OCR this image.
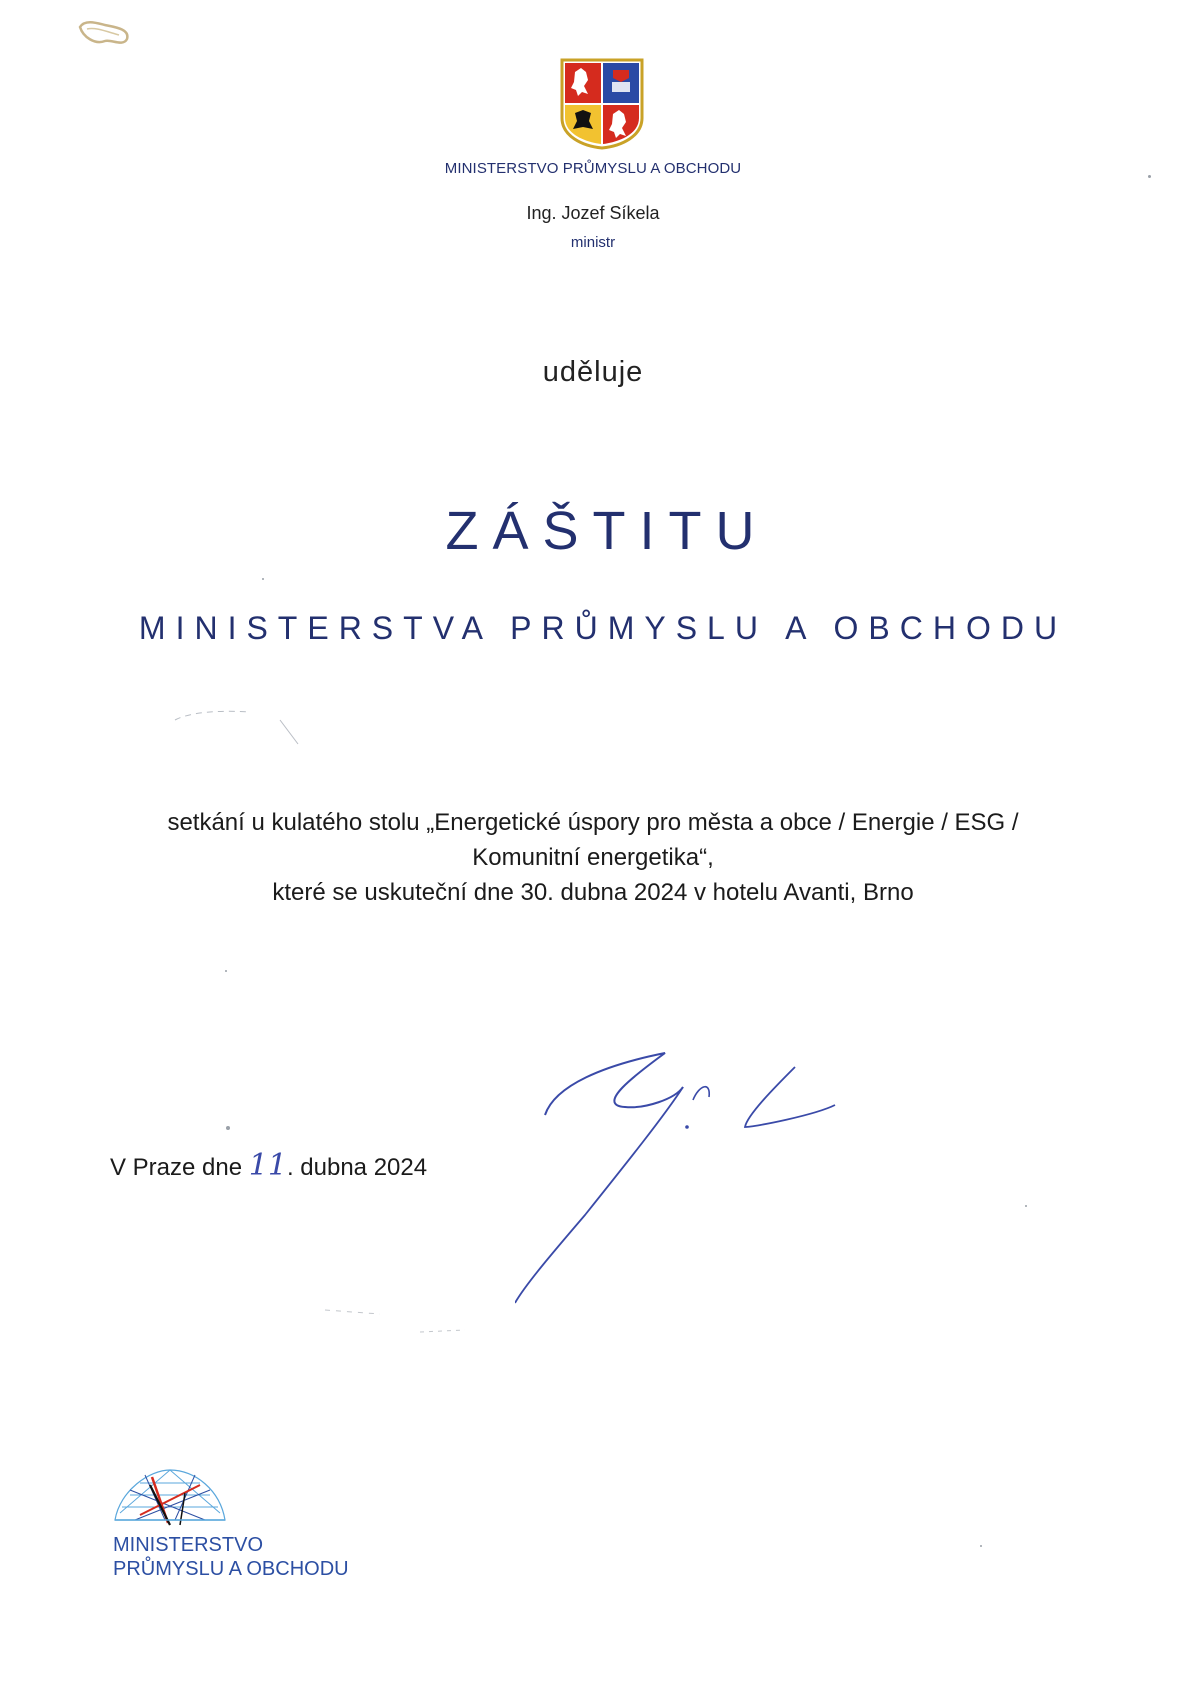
MINISTERSTVO PRŮMYSLU A OBCHODU
Ing. Jozef Síkela
ministr
uděluje
ZÁŠTITU
MINISTERSTVA PRŮMYSLU A OBCHODU
setkání u kulatého stolu „Energetické úspory pro města a obce / Energie / ESG /
Komunitní energetika“,
které se uskuteční dne 30. dubna 2024 v hotelu Avanti, Brno
V Praze dne 11. dubna 2024
MINISTERSTVO
PRŮMYSLU A OBCHODU
